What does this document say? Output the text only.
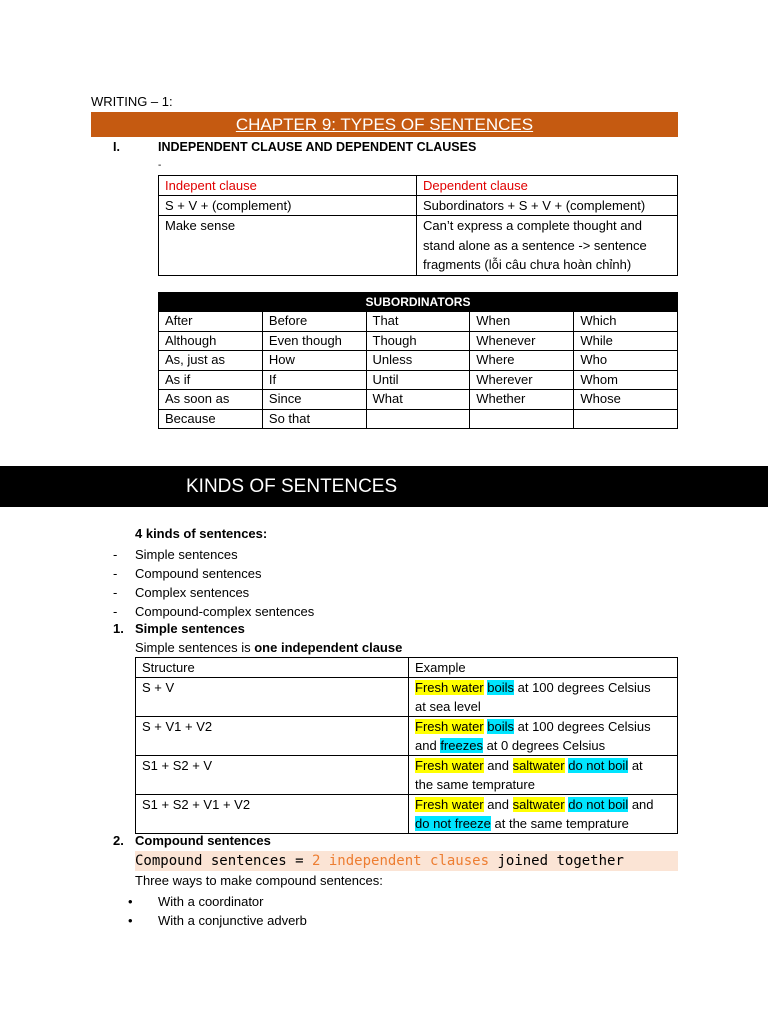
WRITING – 1:
CHAPTER 9: TYPES OF SENTENCES
I.	INDEPENDENT CLAUSE AND DEPENDENT CLAUSES
-
Indepent clause	Dependent clause
S + V + (complement)	Subordinators + S + V + (complement)
Make sense	Can’t express a complete thought and
stand alone as a sentence -> sentence
fragments (lỗi câu chưa hoàn chỉnh)
SUBORDINATORS				
After	Before	That	When	Which
Although	Even though	Though	Whenever	While
As, just as	How	Unless	Where	Who
As if	If	Until	Wherever	Whom
As soon as	Since	What	Whether	Whose
Because	So that			
KINDS OF SENTENCES
4 kinds of sentences:
- Simple sentences
- Compound sentences
- Complex sentences
- Compound-complex sentences
1. Simple sentences
Simple sentences is one independent clause
Structure	Example
S + V	Fresh water boils at 100 degrees Celsius
at sea level
S + V1 + V2	Fresh water boils at 100 degrees Celsius
and freezes at 0 degrees Celsius
S1 + S2 + V	Fresh water and saltwater do not boil at
the same temprature
S1 + S2 + V1 + V2	Fresh water and saltwater do not boil and
do not freeze at the same temprature
2. Compound sentences
Compound sentences = 2 independent clauses joined together
Three ways to make compound sentences:
• With a coordinator
• With a conjunctive adverb
